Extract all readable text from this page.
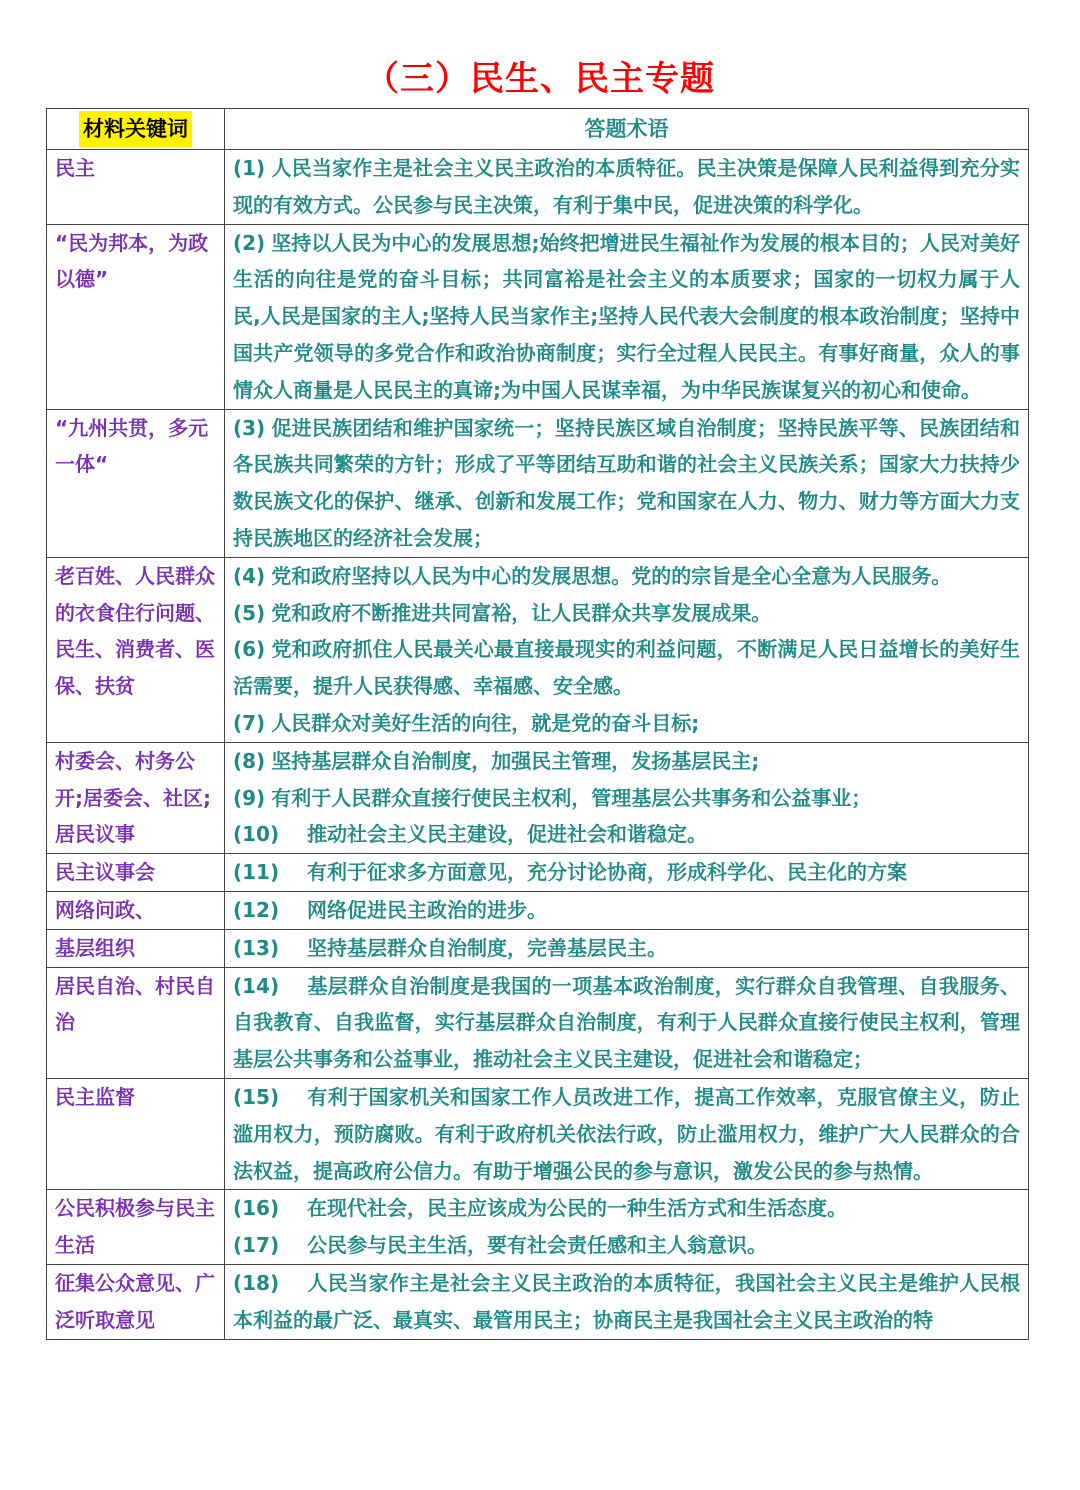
（三）民生、民主专题
材料关键词	答题术语
民主	(1) 人民当家作主是社会主义民主政治的本质特征。民主决策是保障人民利益得到充分实现的有效方式。公民参与民主决策，有利于集中民，促进决策的科学化。

“民为邦本，为政以德”	(2) 坚持以人民为中心的发展思想;始终把增进民生福祉作为发展的根本目的；人民对美好生活的向往是党的奋斗目标；共同富裕是社会主义的本质要求；国家的一切权力属于人民,人民是国家的主人;坚持人民当家作主;坚持人民代表大会制度的根本政治制度；坚持中国共产党领导的多党合作和政治协商制度；实行全过程人民民主。有事好商量，众人的事情众人商量是人民民主的真谛;为中国人民谋幸福，为中华民族谋复兴的初心和使命。

“九州共贯，多元一体“	(3) 促进民族团结和维护国家统一；坚持民族区域自治制度；坚持民族平等、民族团结和各民族共同繁荣的方针；形成了平等团结互助和谐的社会主义民族关系；国家大力扶持少数民族文化的保护、继承、创新和发展工作；党和国家在人力、物力、财力等方面大力支持民族地区的经济社会发展；

老百姓、人民群众的衣食住行问题、民生、消费者、医保、扶贫	(4) 党和政府坚持以人民为中心的发展思想。党的的宗旨是全心全意为人民服务。
(5) 党和政府不断推进共同富裕，让人民群众共享发展成果。
(6) 党和政府抓住人民最关心最直接最现实的利益问题，不断满足人民日益增长的美好生活需要，提升人民获得感、幸福感、安全感。
(7) 人民群众对美好生活的向往，就是党的奋斗目标;

村委会、村务公开;居委会、社区;居民议事	(8) 坚持基层群众自治制度，加强民主管理，发扬基层民主;
(9) 有利于人民群众直接行使民主权利，管理基层公共事务和公益事业；
(10) 推动社会主义民主建设，促进社会和谐稳定。

民主议事会	(11) 有利于征求多方面意见，充分讨论协商，形成科学化、民主化的方案

网络问政、	(12) 网络促进民主政治的进步。

基层组织	(13) 坚持基层群众自治制度，完善基层民主。

居民自治、村民自治	(14) 基层群众自治制度是我国的一项基本政治制度，实行群众自我管理、自我服务、自我教育、自我监督，实行基层群众自治制度，有利于人民群众直接行使民主权利，管理基层公共事务和公益事业，推动社会主义民主建设，促进社会和谐稳定；

民主监督	(15) 有利于国家机关和国家工作人员改进工作，提高工作效率，克服官僚主义，防止滥用权力，预防腐败。有利于政府机关依法行政，防止滥用权力，维护广大人民群众的合法权益，提高政府公信力。有助于增强公民的参与意识，激发公民的参与热情。

公民积极参与民主生活	(16) 在现代社会，民主应该成为公民的一种生活方式和生活态度。
(17) 公民参与民主生活，要有社会责任感和主人翁意识。

征集公众意见、广泛听取意见	(18) 人民当家作主是社会主义民主政治的本质特征，我国社会主义民主是维护人民根本利益的最广泛、最真实、最管用民主；协商民主是我国社会主义民主政治的特
